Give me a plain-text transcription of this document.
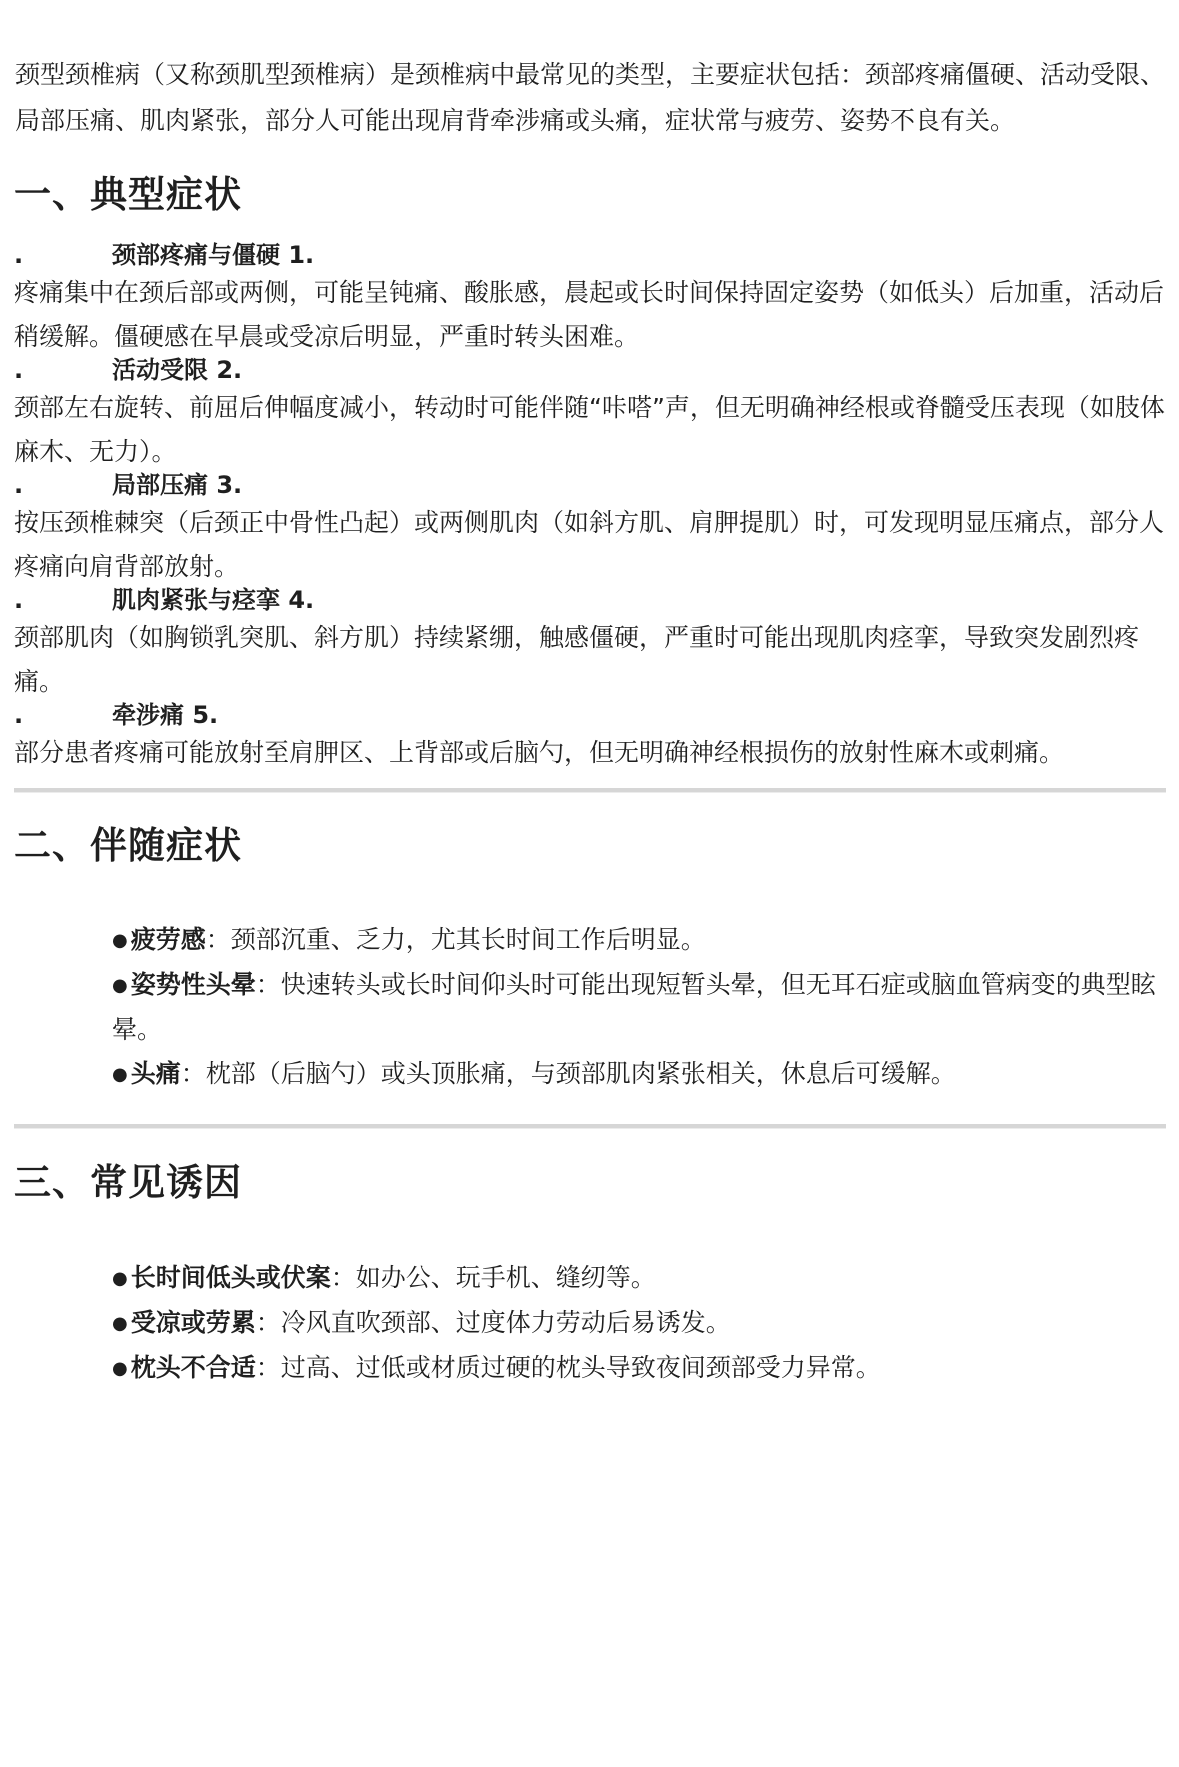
颈型颈椎病（又称颈肌型颈椎病）是颈椎病中最常见的类型，主要症状包括：颈部疼痛僵硬、活动受限、局部压痛、肌肉紧张，部分人可能出现肩背牵涉痛或头痛，症状常与疲劳、姿势不良有关。

一、典型症状

.	颈部疼痛与僵硬 1.

疼痛集中在颈后部或两侧，可能呈钝痛、酸胀感，晨起或长时间保持固定姿势（如低头）后加重，活动后稍缓解。僵硬感在早晨或受凉后明显，严重时转头困难。

.	活动受限 2.

颈部左右旋转、前屈后伸幅度减小，转动时可能伴随“咔嗒”声，但无明确神经根或脊髓受压表现（如肢体麻木、无力）。

.	局部压痛 3.

按压颈椎棘突（后颈正中骨性凸起）或两侧肌肉（如斜方肌、肩胛提肌）时，可发现明显压痛点，部分人疼痛向肩背部放射。

.	肌肉紧张与痉挛 4.

颈部肌肉（如胸锁乳突肌、斜方肌）持续紧绷，触感僵硬，严重时可能出现肌肉痉挛，导致突发剧烈疼痛。

.	牵涉痛 5.

部分患者疼痛可能放射至肩胛区、上背部或后脑勺，但无明确神经根损伤的放射性麻木或刺痛。

二、伴随症状
● 疲劳感：颈部沉重、乏力，尤其长时间工作后明显。
● 姿势性头晕：快速转头或长时间仰头时可能出现短暂头晕，但无耳石症或脑血管病变的典型眩晕。
● 头痛：枕部（后脑勺）或头顶胀痛，与颈部肌肉紧张相关，休息后可缓解。
三、常见诱因
● 长时间低头或伏案：如办公、玩手机、缝纫等。
● 受凉或劳累：冷风直吹颈部、过度体力劳动后易诱发。
● 枕头不合适：过高、过低或材质过硬的枕头导致夜间颈部受力异常。
